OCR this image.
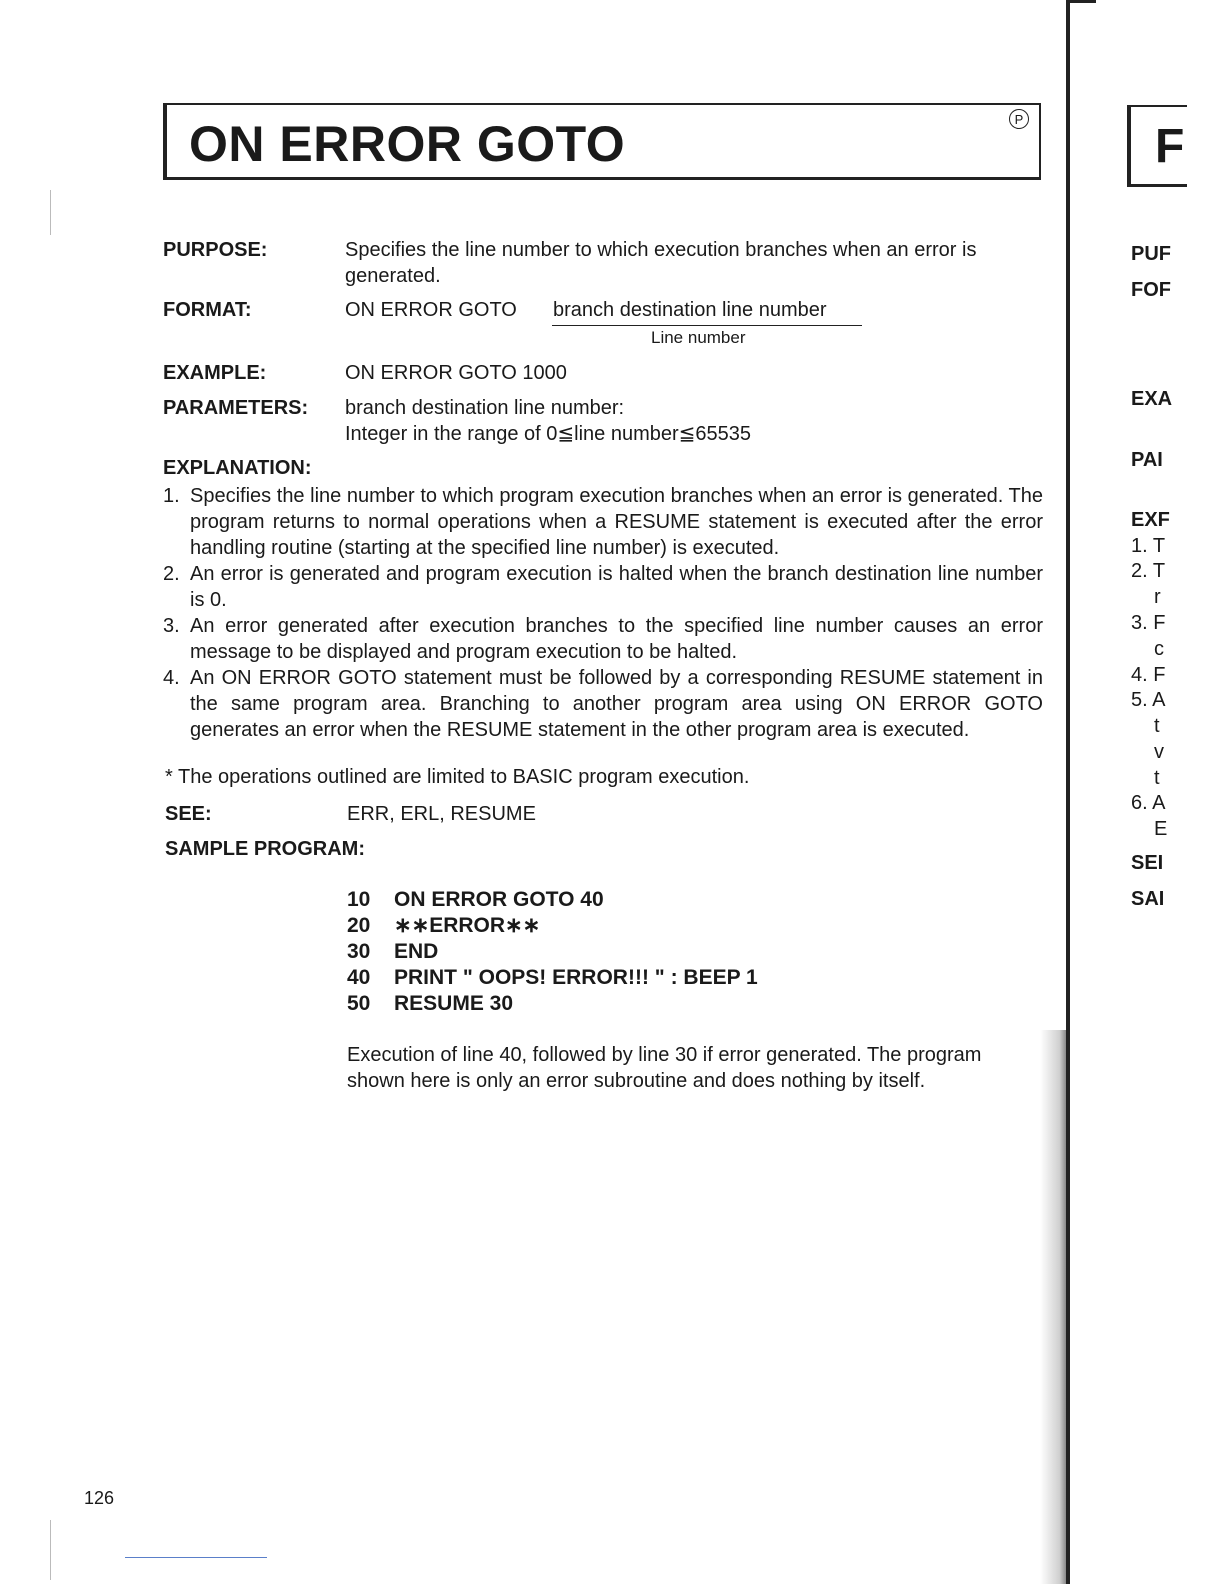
ON ERROR GOTO	P
PURPOSE:	Specifies the line number to which execution branches when an error is
generated.
FORMAT:	ON ERROR GOTO branch destination line number
Line number
EXAMPLE:	ON ERROR GOTO 1000
PARAMETERS: branch destination line number:
Integer in the range of 0≦line number≦65535
EXPLANATION:
1. Specifies the line number to which program execution branches when an error is generated. The program returns to normal operations when a RESUME statement is executed after the error handling routine (starting at the specified line number) is executed.
2. An error is generated and program execution is halted when the branch destination line number is 0.
3. An error generated after execution branches to the specified line number causes an error message to be displayed and program execution to be halted.
4. An ON ERROR GOTO statement must be followed by a corresponding RESUME statement in the same program area. Branching to another program area using ON ERROR GOTO generates an error when the RESUME statement in the other program area is executed.
* The operations outlined are limited to BASIC program execution.
SEE:	ERR, ERL, RESUME
SAMPLE PROGRAM:
10	ON ERROR GOTO 40
20	∗∗ERROR∗∗
30	END
40	PRINT " OOPS! ERROR!!! " : BEEP 1
50	RESUME 30
Execution of line 40, followed by line 30 if error generated. The program shown here is only an error subroutine and does nothing by itself.
126
F
PUF
FOF
EXA
PAI
EXF
1. T
2. T
r
3. F
c
4. F
5. A
t
v
t
6. A
E
SEI
SAI
